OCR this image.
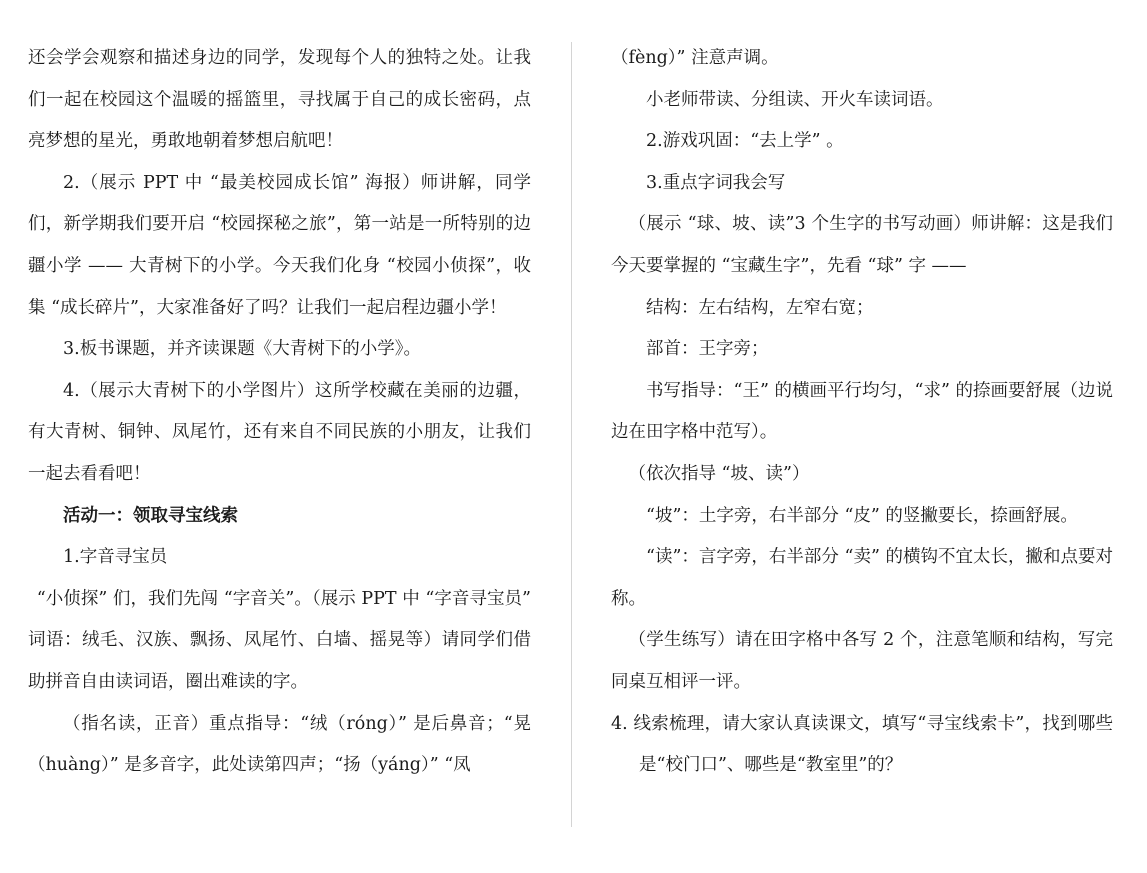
还会学会观察和描述身边的同学，发现每个人的独特之处。让我们一起在校园这个温暖的摇篮里，寻找属于自己的成长密码，点亮梦想的星光，勇敢地朝着梦想启航吧！

2.（展示 PPT 中 “最美校园成长馆” 海报）师讲解，同学们，新学期我们要开启 “校园探秘之旅”，第一站是一所特别的边疆小学 —— 大青树下的小学。今天我们化身 “校园小侦探”，收集 “成长碎片”，大家准备好了吗？让我们一起启程边疆小学！

3.板书课题，并齐读课题《大青树下的小学》。

4.（展示大青树下的小学图片）这所学校藏在美丽的边疆，有大青树、铜钟、凤尾竹，还有来自不同民族的小朋友，让我们一起去看看吧！

活动一：领取寻宝线索

1.字音寻宝员

“小侦探” 们，我们先闯 “字音关”。（展示 PPT 中 “字音寻宝员” 词语：绒毛、汉族、飘扬、凤尾竹、白墙、摇晃等）请同学们借助拼音自由读词语，圈出难读的字。

（指名读，正音）重点指导：“绒（róng）” 是后鼻音；“晃（huàng）” 是多音字，此处读第四声；“扬（yáng）” “凤

（fèng）” 注意声调。

小老师带读、分组读、开火车读词语。

2.游戏巩固：“去上学” 。

3.重点字词我会写

（展示 “球、坡、读”3 个生字的书写动画）师讲解：这是我们今天要掌握的 “宝藏生字”，先看 “球” 字 ——

结构：左右结构，左窄右宽；

部首：王字旁；

书写指导：“王” 的横画平行均匀，“求” 的捺画要舒展（边说边在田字格中范写）。

（依次指导 “坡、读”）

“坡”：土字旁，右半部分 “皮” 的竖撇要长，捺画舒展。

“读”：言字旁，右半部分 “卖” 的横钩不宜太长，撇和点要对称。

（学生练写）请在田字格中各写 2 个，注意笔顺和结构，写完同桌互相评一评。

4. 线索梳理，请大家认真读课文，填写“寻宝线索卡”，找到哪些是“校门口”、哪些是“教室里”的？
